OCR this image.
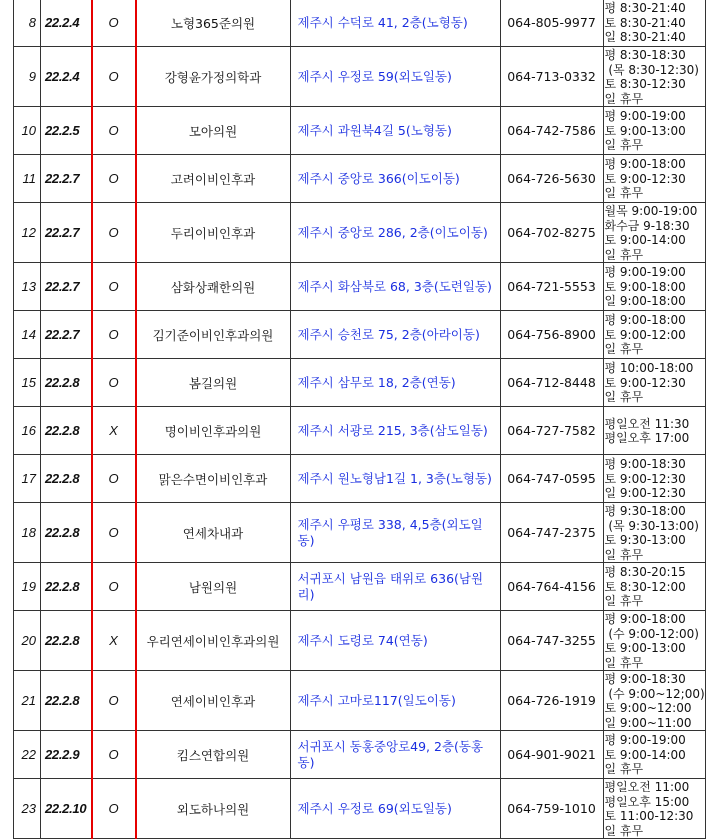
8	22.2.4	O	노형365준의원	제주시 수덕로 41, 2층(노형동)	064-805-9977	평 8:30-21:40
토 8:30-21:40
일 8:30-21:40

9	22.2.4	O	강형윤가정의학과	제주시 우정로 59(외도일동)	064-713-0332	평 8:30-18:30
(목 8:30-12:30)
토 8:30-12:30
일 휴무

10	22.2.5	O	모아의원	제주시 과원북4길 5(노형동)	064-742-7586	평 9:00-19:00
토 9:00-13:00
일 휴무

11	22.2.7	O	고려이비인후과	제주시 중앙로 366(이도이동)	064-726-5630	평 9:00-18:00
토 9:00-12:30
일 휴무

12	22.2.7	O	두리이비인후과	제주시 중앙로 286, 2층(이도이동)	064-702-8275	월목 9:00-19:00
화수금 9-18:30
토 9:00-14:00
일 휴무

13	22.2.7	O	삼화상쾌한의원	제주시 화삼북로 68, 3층(도련일동)	064-721-5553	평 9:00-19:00
토 9:00-18:00
일 9:00-18:00

14	22.2.7	O	김기준이비인후과의원	제주시 승천로 75, 2층(아라이동)	064-756-8900	평 9:00-18:00
토 9:00-12:00
일 휴무

15	22.2.8	O	봄길의원	제주시 삼무로 18, 2층(연동)	064-712-8448	평 10:00-18:00
토 9:00-12:30
일 휴무

16	22.2.8	X	명이비인후과의원	제주시 서광로 215, 3층(삼도일동)	064-727-7582	평일오전 11:30
평일오후 17:00

17	22.2.8	O	맑은수면이비인후과	제주시 원노형남1길 1, 3층(노형동)	064-747-0595	평 9:00-18:30
토 9:00-12:30
일 9:00-12:30

18	22.2.8	O	연세차내과	제주시 우평로 338, 4,5층(외도일동)	064-747-2375	평 9:30-18:00
(목 9:30-13:00)
토 9:30-13:00
일 휴무

19	22.2.8	O	남원의원	서귀포시 남원읍 태위로 636(남원리)	064-764-4156	평 8:30-20:15
토 8:30-12:00
일 휴무

20	22.2.8	X	우리연세이비인후과의원	제주시 도령로 74(연동)	064-747-3255	평 9:00-18:00
(수 9:00-12:00)
토 9:00-13:00
일 휴무

21	22.2.8	O	연세이비인후과	제주시 고마로117(일도이동)	064-726-1919	평 9:00-18:30
(수 9:00~12;00)
토 9:00~12:00
일 9:00~11:00

22	22.2.9	O	킴스연합의원	서귀포시 동홍중앙로49, 2층(동홍동)	064-901-9021	평 9:00-19:00
토 9:00-14:00
일 휴무

23	22.2.10	O	외도하나의원	제주시 우정로 69(외도일동)	064-759-1010	평일오전 11:00
평일오후 15:00
토 11:00-12:30
일 휴무
